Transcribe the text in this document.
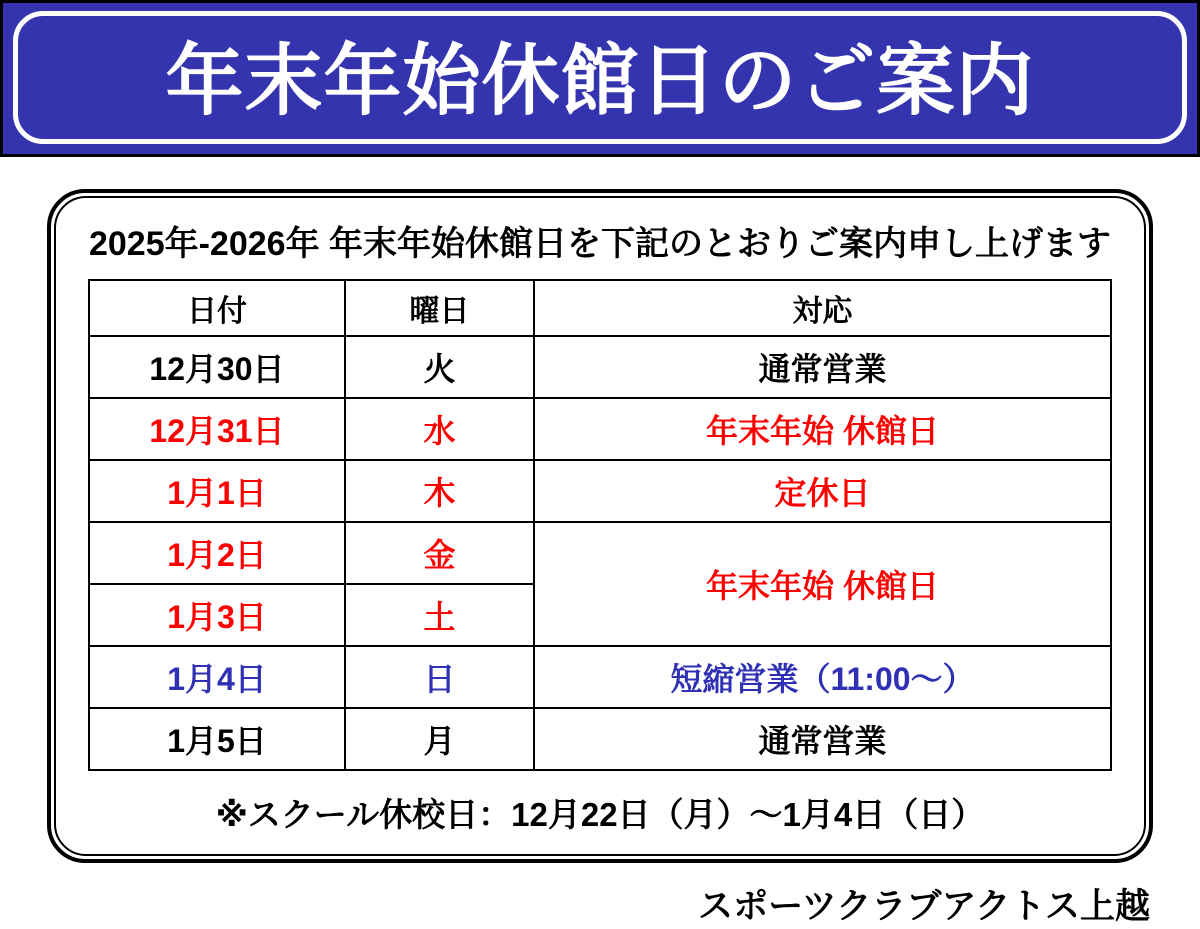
年末年始休館日のご案内

2025年-2026年 年末年始休館日を下記のとおりご案内申し上げます

日付	曜日	対応
12月30日	火	通常営業
12月31日	水	年末年始 休館日
1月1日	木	定休日
1月2日	金	年末年始 休館日
1月3日	土	
1月4日	日	短縮営業（11:00～）
1月5日	月	通常営業

※スクール休校日：12月22日（月）～1月4日（日）

スポーツクラブアクトス上越
